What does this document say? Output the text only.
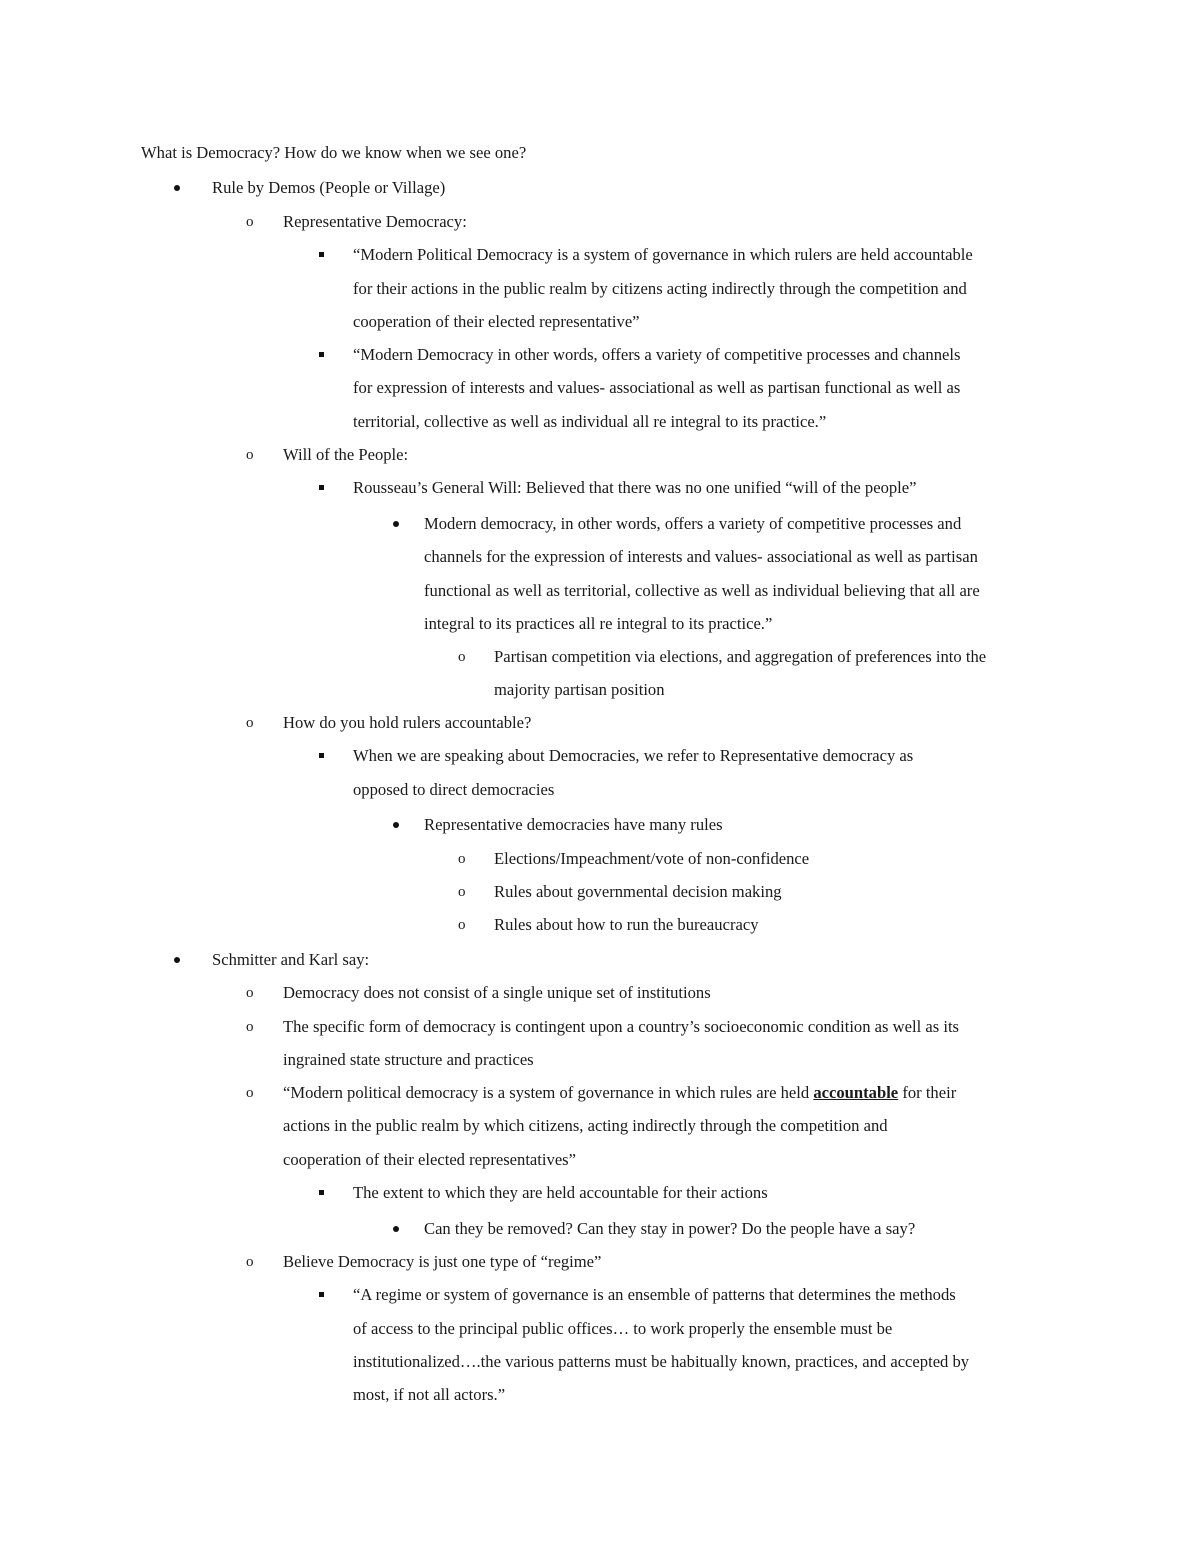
What is Democracy? How do we know when we see one?
Rule by Demos (People or Village)
o Representative Democracy:
“Modern Political Democracy is a system of governance in which rulers are held accountable
for their actions in the public realm by citizens acting indirectly through the competition and
cooperation of their elected representative”
“Modern Democracy in other words, offers a variety of competitive processes and channels
for expression of interests and values- associational as well as partisan functional as well as
territorial, collective as well as individual all re integral to its practice.”
o Will of the People:
Rousseau’s General Will: Believed that there was no one unified “will of the people”
Modern democracy, in other words, offers a variety of competitive processes and
channels for the expression of interests and values- associational as well as partisan
functional as well as territorial, collective as well as individual believing that all are
integral to its practices all re integral to its practice.”
o Partisan competition via elections, and aggregation of preferences into the
majority partisan position
o How do you hold rulers accountable?
When we are speaking about Democracies, we refer to Representative democracy as
opposed to direct democracies
Representative democracies have many rules
o Elections/Impeachment/vote of non-confidence
o Rules about governmental decision making
o Rules about how to run the bureaucracy
Schmitter and Karl say:
o Democracy does not consist of a single unique set of institutions
o The specific form of democracy is contingent upon a country’s socioeconomic condition as well as its
ingrained state structure and practices
o “Modern political democracy is a system of governance in which rules are held accountable for their
actions in the public realm by which citizens, acting indirectly through the competition and
cooperation of their elected representatives”
The extent to which they are held accountable for their actions
Can they be removed? Can they stay in power? Do the people have a say?
o Believe Democracy is just one type of “regime”
“A regime or system of governance is an ensemble of patterns that determines the methods
of access to the principal public offices… to work properly the ensemble must be
institutionalized….the various patterns must be habitually known, practices, and accepted by
most, if not all actors.”
